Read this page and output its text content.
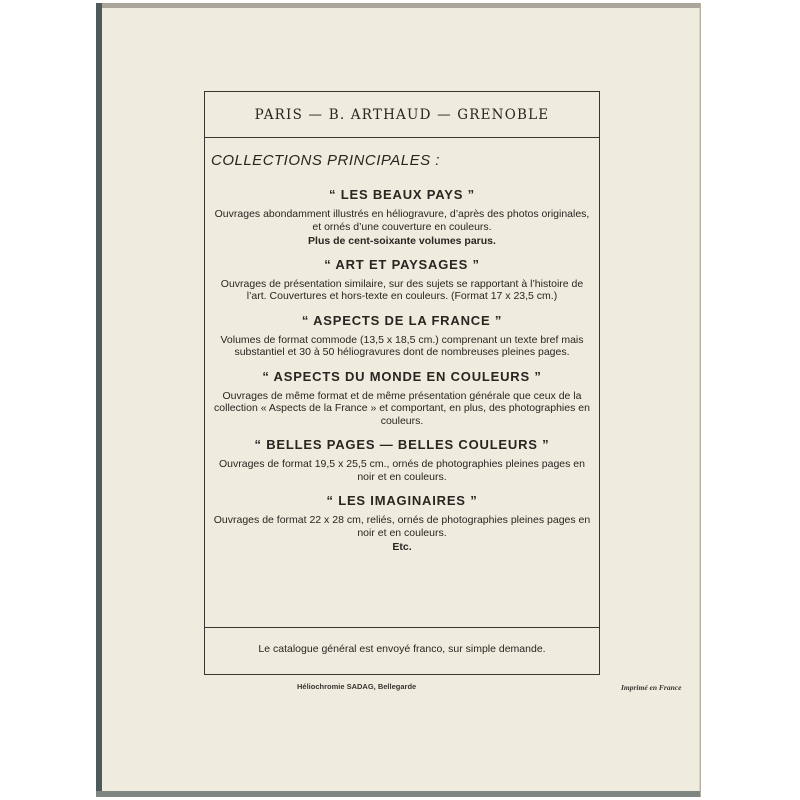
PARIS — B. ARTHAUD — GRENOBLE
COLLECTIONS PRINCIPALES :
“ LES BEAUX PAYS ”
Ouvrages abondamment illustrés en héliogravure, d’après des photos originales, et ornés d’une couverture en couleurs.
Plus de cent-soixante volumes parus.
“ ART ET PAYSAGES ”
Ouvrages de présentation similaire, sur des sujets se rapportant à l’histoire de l’art. Couvertures et hors-texte en couleurs. (Format 17 x 23,5 cm.)
“ ASPECTS DE LA FRANCE ”
Volumes de format commode (13,5 x 18,5 cm.) comprenant un texte bref mais substantiel et 30 à 50 héliogravures dont de nombreuses pleines pages.
“ ASPECTS DU MONDE EN COULEURS ”
Ouvrages de même format et de même présentation générale que ceux de la collection « Aspects de la France » et comportant, en plus, des photographies en couleurs.
“ BELLES PAGES — BELLES COULEURS ”
Ouvrages de format 19,5 x 25,5 cm., ornés de photographies pleines pages en noir et en couleurs.
“ LES IMAGINAIRES ”
Ouvrages de format 22 x 28 cm, reliés, ornés de photographies pleines pages en noir et en couleurs.
Etc.
Le catalogue général est envoyé franco, sur simple demande.
Héliochromie SADAG, Bellegarde	Imprimé en France
